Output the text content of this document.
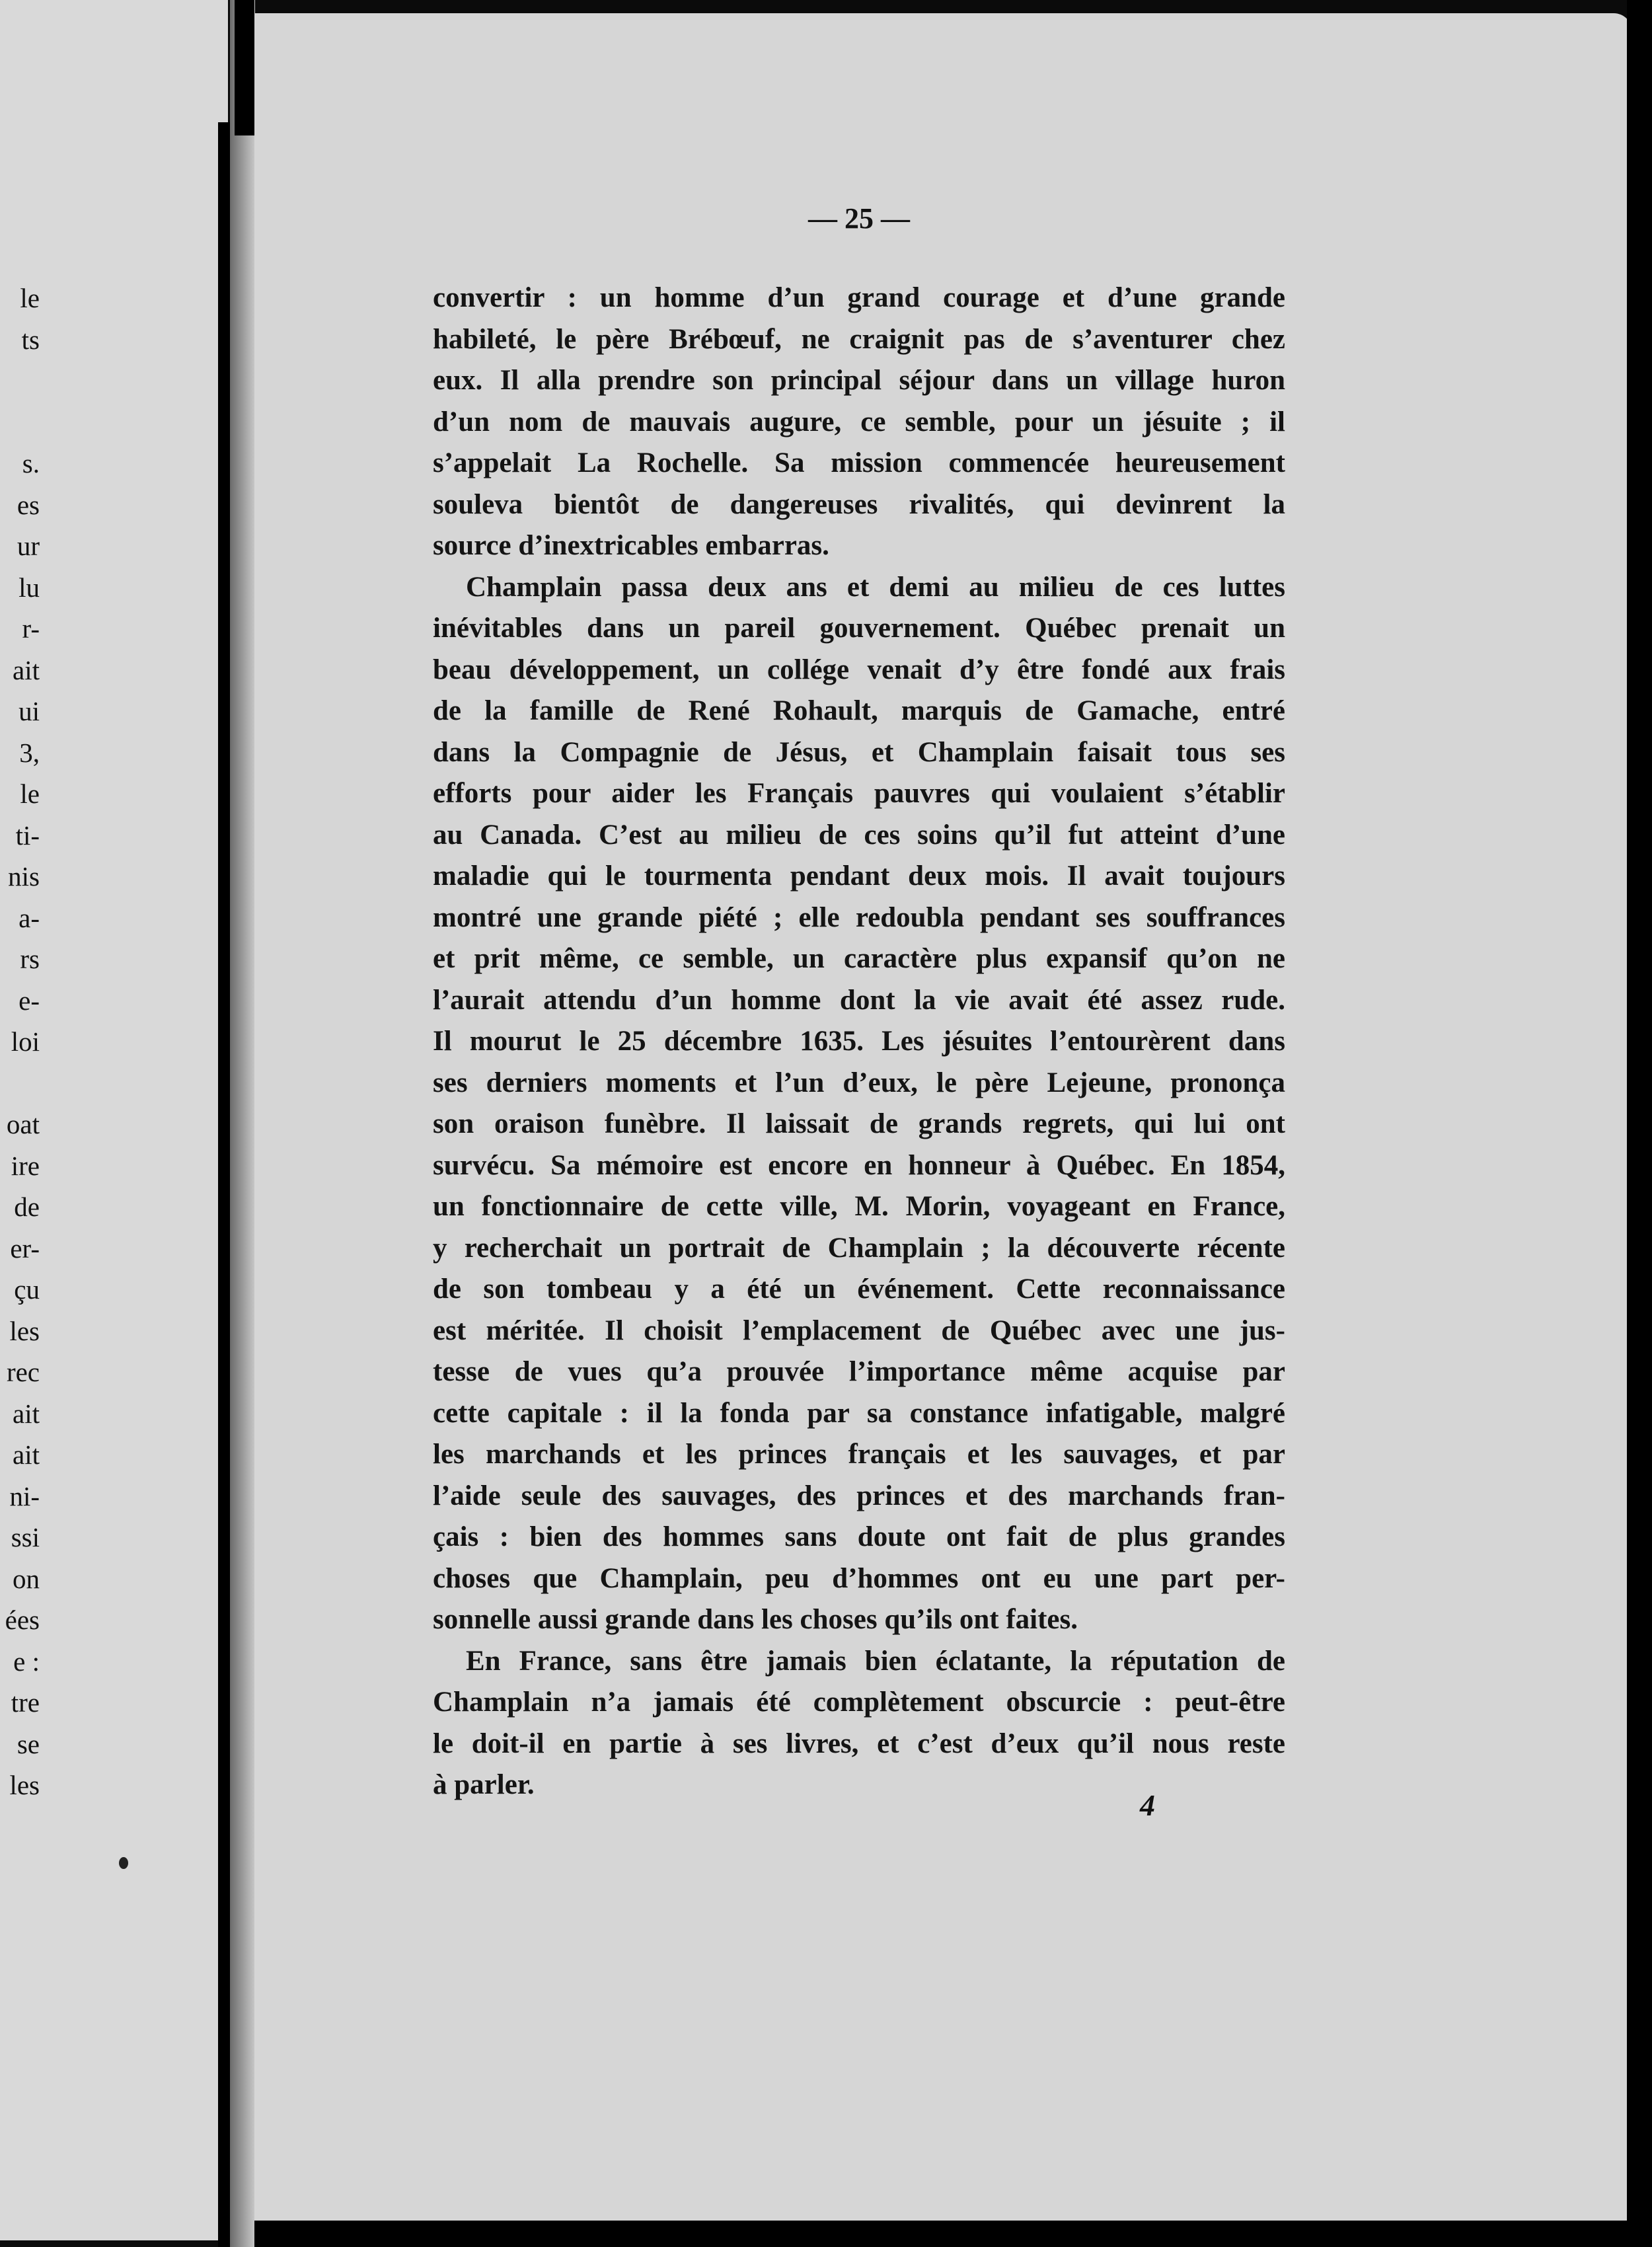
le
ts
s.
es
ur
lu
r-
ait
ui
3,
le
ti-
nis
a-
rs
e-
loi
oat
ire
de
er-
çu
les
rec
ait
ait
ni-
ssi
on
ées
e :
tre
se
les
— 25 —
convertir : un homme d’un grand courage et d’une grande
habileté, le père Brébœuf, ne craignit pas de s’aventurer chez
eux. Il alla prendre son principal séjour dans un village huron
d’un nom de mauvais augure, ce semble, pour un jésuite ; il
s’appelait La Rochelle. Sa mission commencée heureusement
souleva bientôt de dangereuses rivalités, qui devinrent la
source d’inextricables embarras.
Champlain passa deux ans et demi au milieu de ces luttes
inévitables dans un pareil gouvernement. Québec prenait un
beau développement, un collége venait d’y être fondé aux frais
de la famille de René Rohault, marquis de Gamache, entré
dans la Compagnie de Jésus, et Champlain faisait tous ses
efforts pour aider les Français pauvres qui voulaient s’établir
au Canada. C’est au milieu de ces soins qu’il fut atteint d’une
maladie qui le tourmenta pendant deux mois. Il avait toujours
montré une grande piété ; elle redoubla pendant ses souffrances
et prit même, ce semble, un caractère plus expansif qu’on ne
l’aurait attendu d’un homme dont la vie avait été assez rude.
Il mourut le 25 décembre 1635. Les jésuites l’entourèrent dans
ses derniers moments et l’un d’eux, le père Lejeune, prononça
son oraison funèbre. Il laissait de grands regrets, qui lui ont
survécu. Sa mémoire est encore en honneur à Québec. En 1854,
un fonctionnaire de cette ville, M. Morin, voyageant en France,
y recherchait un portrait de Champlain ; la découverte récente
de son tombeau y a été un événement. Cette reconnaissance
est méritée. Il choisit l’emplacement de Québec avec une jus-
tesse de vues qu’a prouvée l’importance même acquise par
cette capitale : il la fonda par sa constance infatigable, malgré
les marchands et les princes français et les sauvages, et par
l’aide seule des sauvages, des princes et des marchands fran-
çais : bien des hommes sans doute ont fait de plus grandes
choses que Champlain, peu d’hommes ont eu une part per-
sonnelle aussi grande dans les choses qu’ils ont faites.
En France, sans être jamais bien éclatante, la réputation de
Champlain n’a jamais été complètement obscurcie : peut-être
le doit-il en partie à ses livres, et c’est d’eux qu’il nous reste
à parler.
4
